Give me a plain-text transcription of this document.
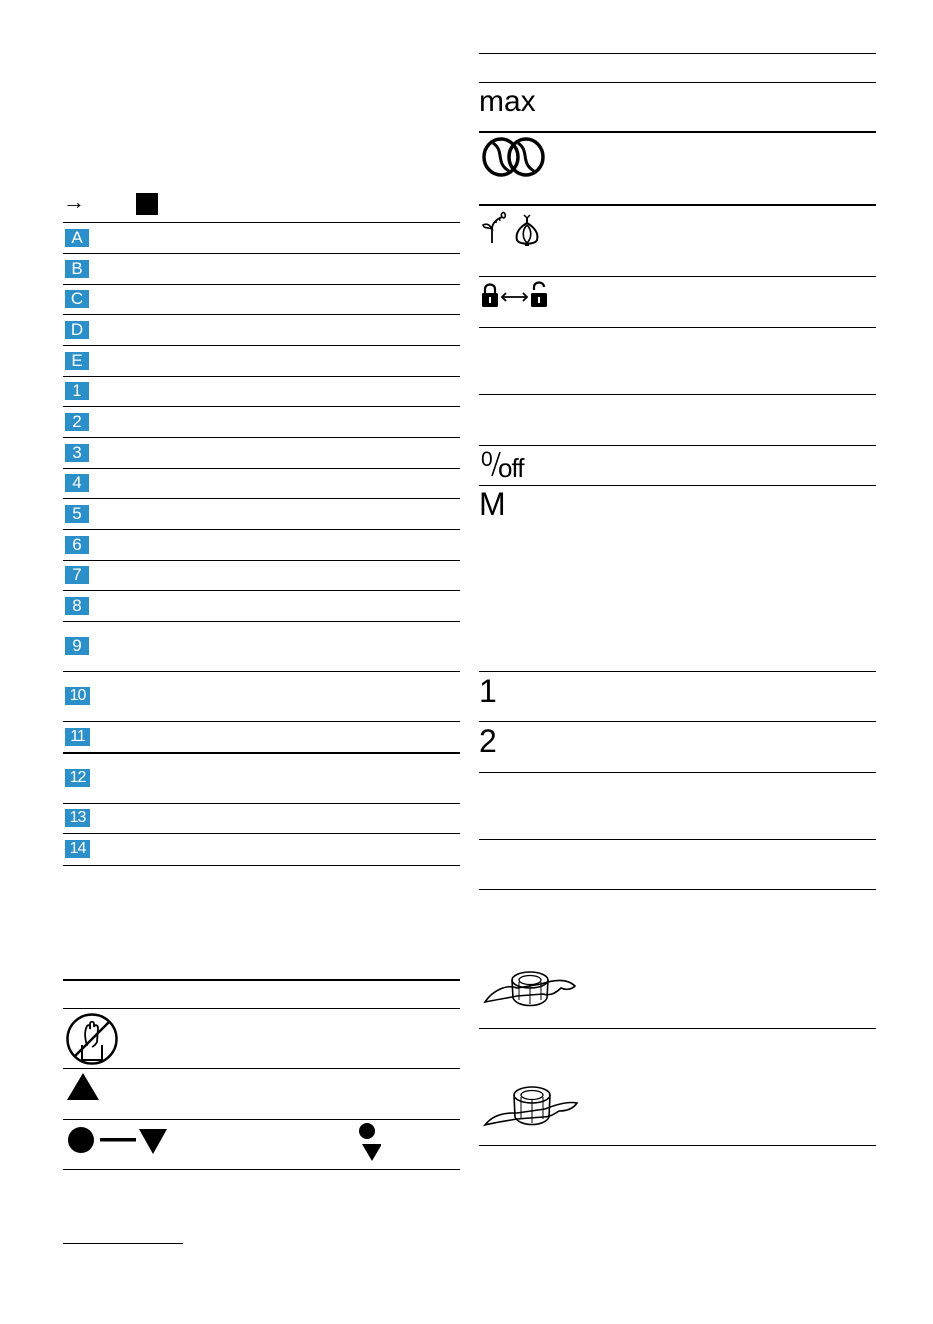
→
A
B
C
D
E
1
2
3
4
5
6
7
8
9
10
11
12
13
14
max
0 off
M
1
2
